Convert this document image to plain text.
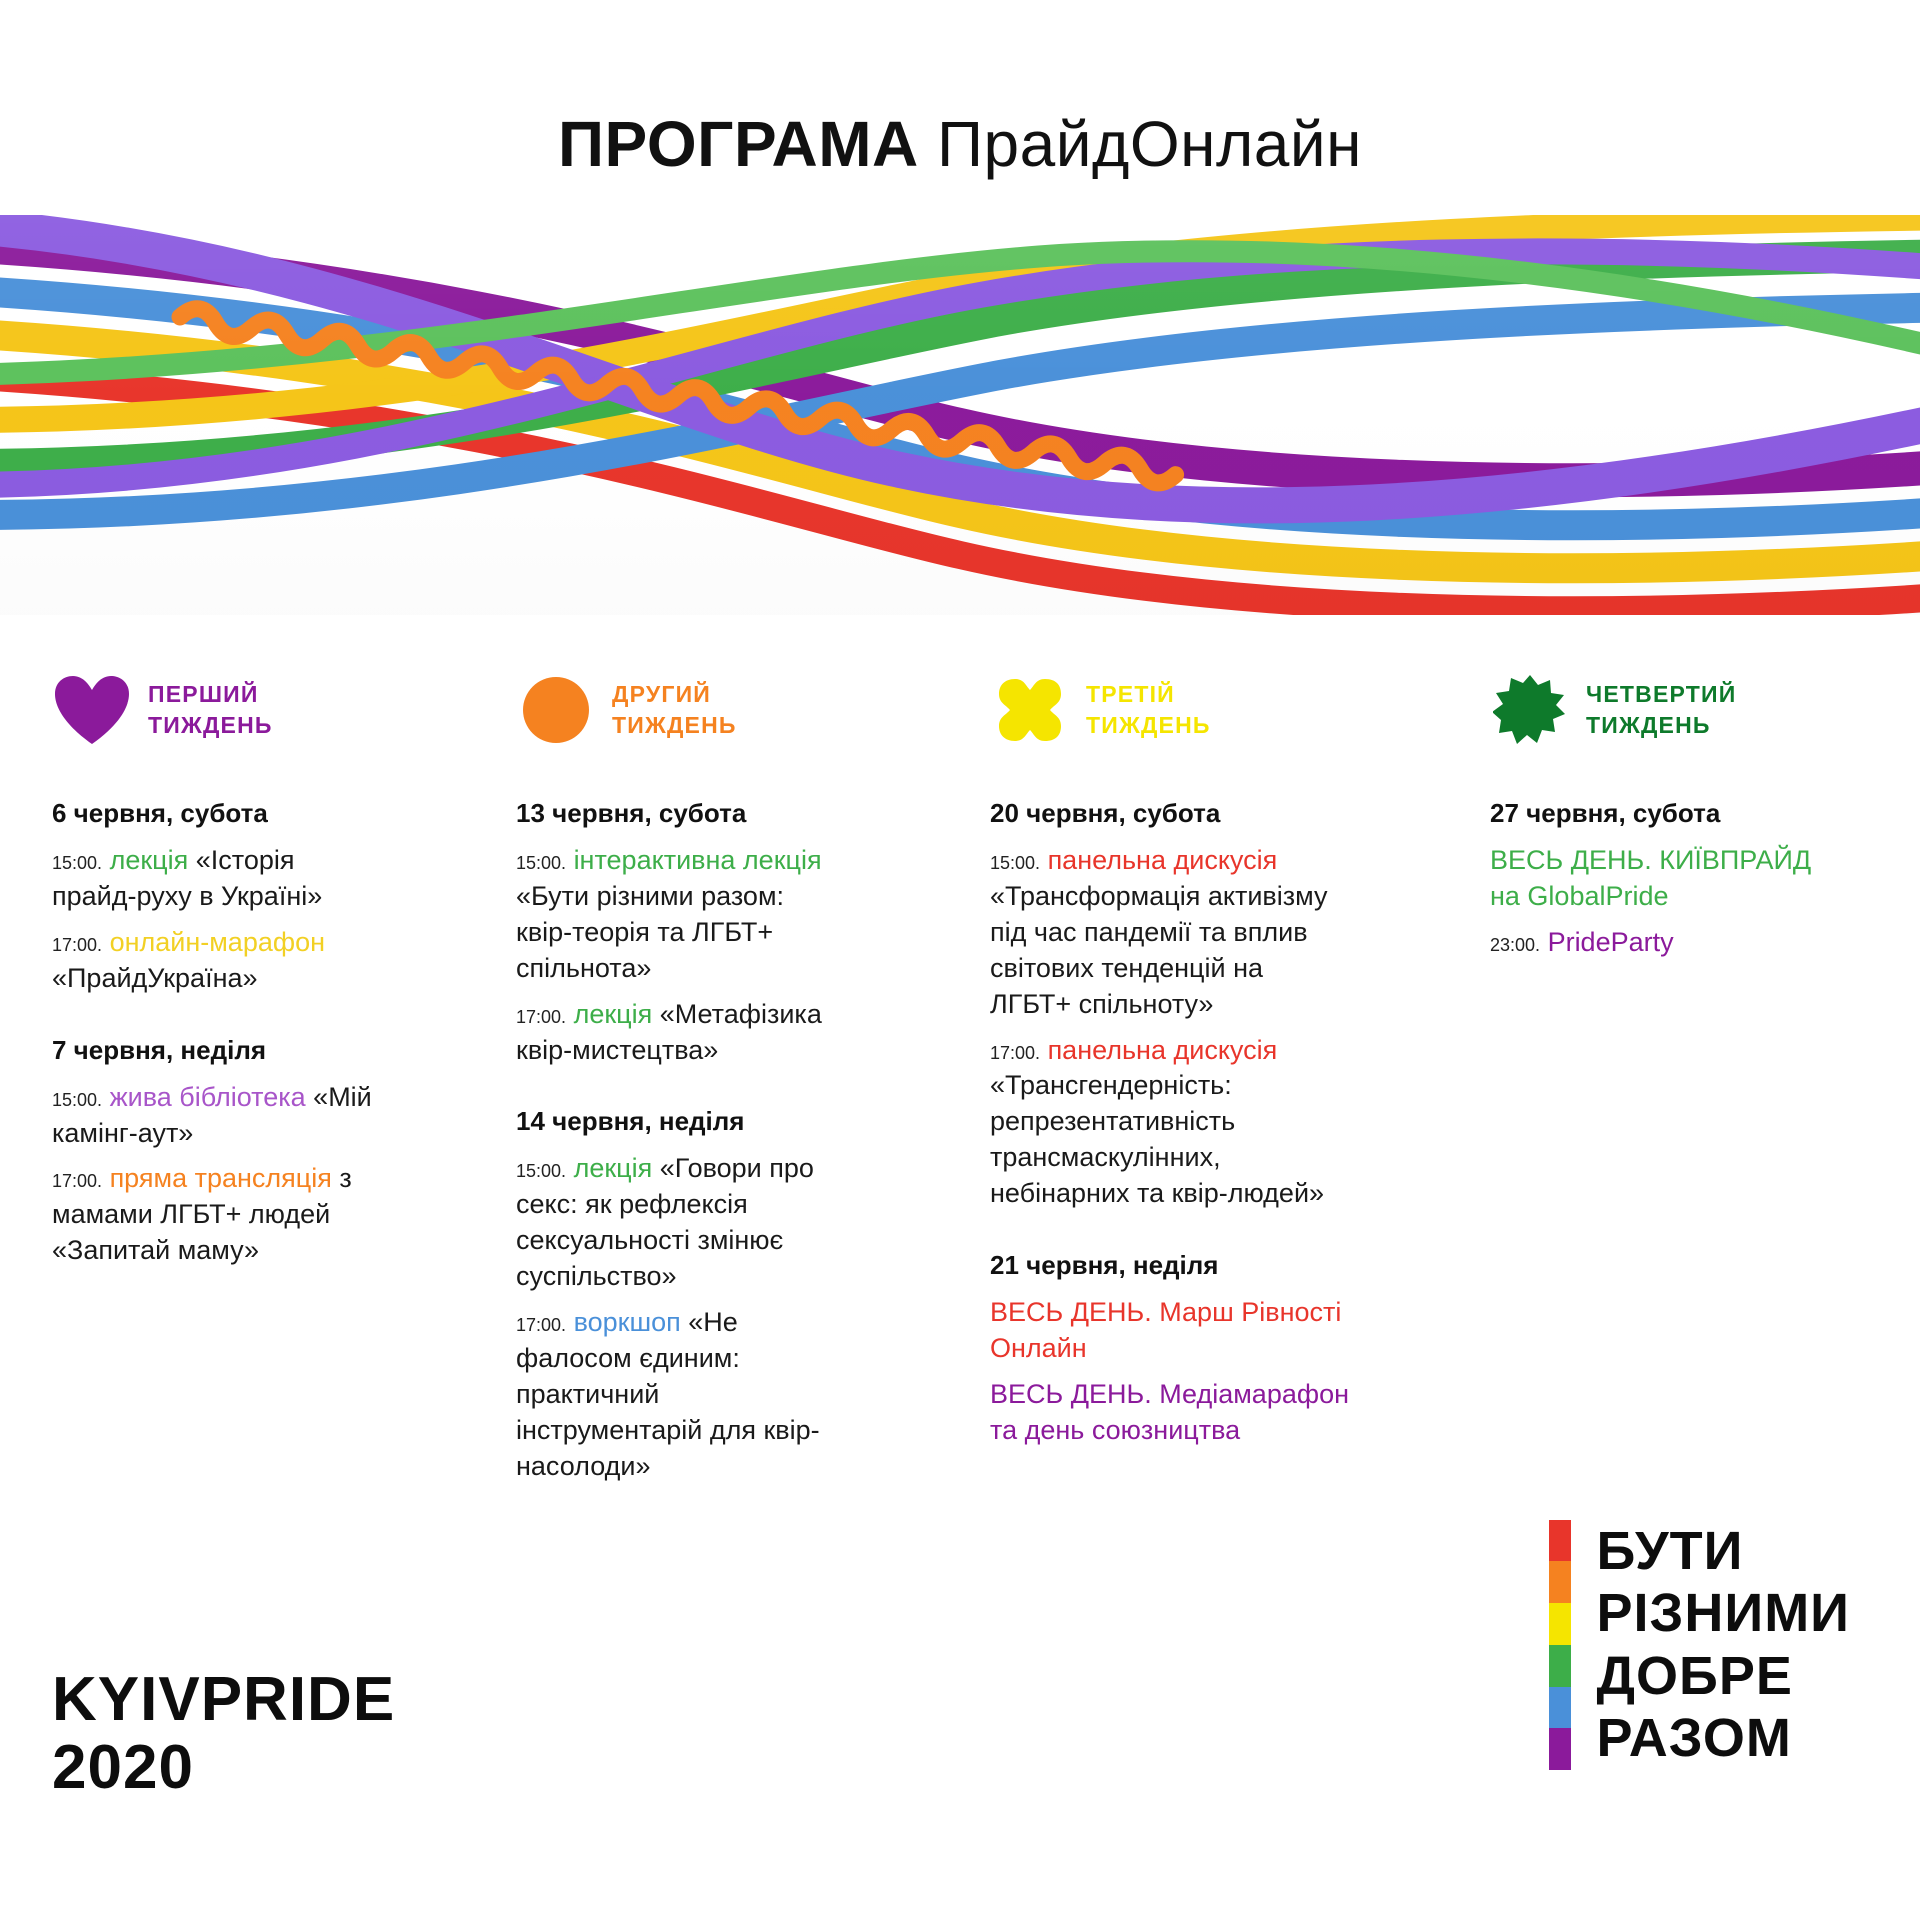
ПРОГРАМА ПрайдОнлайн
ПЕРШИЙ
ТИЖДЕНЬ
6 червня, субота
15:00. лекція «Історія прайд-руху в Україні»
17:00. онлайн-марафон «ПрайдУкраїна»
7 червня, неділя
15:00. жива бібліотека «Мій камінг-аут»
17:00. пряма трансляція з мамами ЛГБТ+ людей «Запитай маму»
ДРУГИЙ
ТИЖДЕНЬ
13 червня, субота
15:00. інтерактивна лекція «Бути різними разом: квір-теорія та ЛГБТ+ спільнота»
17:00. лекція «Метафізика квір-мистецтва»
14 червня, неділя
15:00. лекція «Говори про секс: як рефлексія сексуальності змінює суспільство»
17:00. воркшоп «Не фалосом єдиним: практичний інструментарій для квір-насолоди»
ТРЕТІЙ
ТИЖДЕНЬ
20 червня, субота
15:00. панельна дискусія «Трансформація активізму під час пандемії та вплив світових тенденцій на ЛГБТ+ спільноту»
17:00. панельна дискусія «Трансгендерність: репрезентативність трансмаскулінних, небінарних та квір-людей»
21 червня, неділя
ВЕСЬ ДЕНЬ. Марш Рівності Онлайн
ВЕСЬ ДЕНЬ. Медіамарафон та день союзництва
ЧЕТВЕРТИЙ
ТИЖДЕНЬ
27 червня, субота
ВЕСЬ ДЕНЬ. КИЇВПРАЙД на GlobalPride
23:00. PrideParty
KYIVPRIDE
2020
БУТИ
РІЗНИМИ
ДОБРЕ
РАЗОМ
